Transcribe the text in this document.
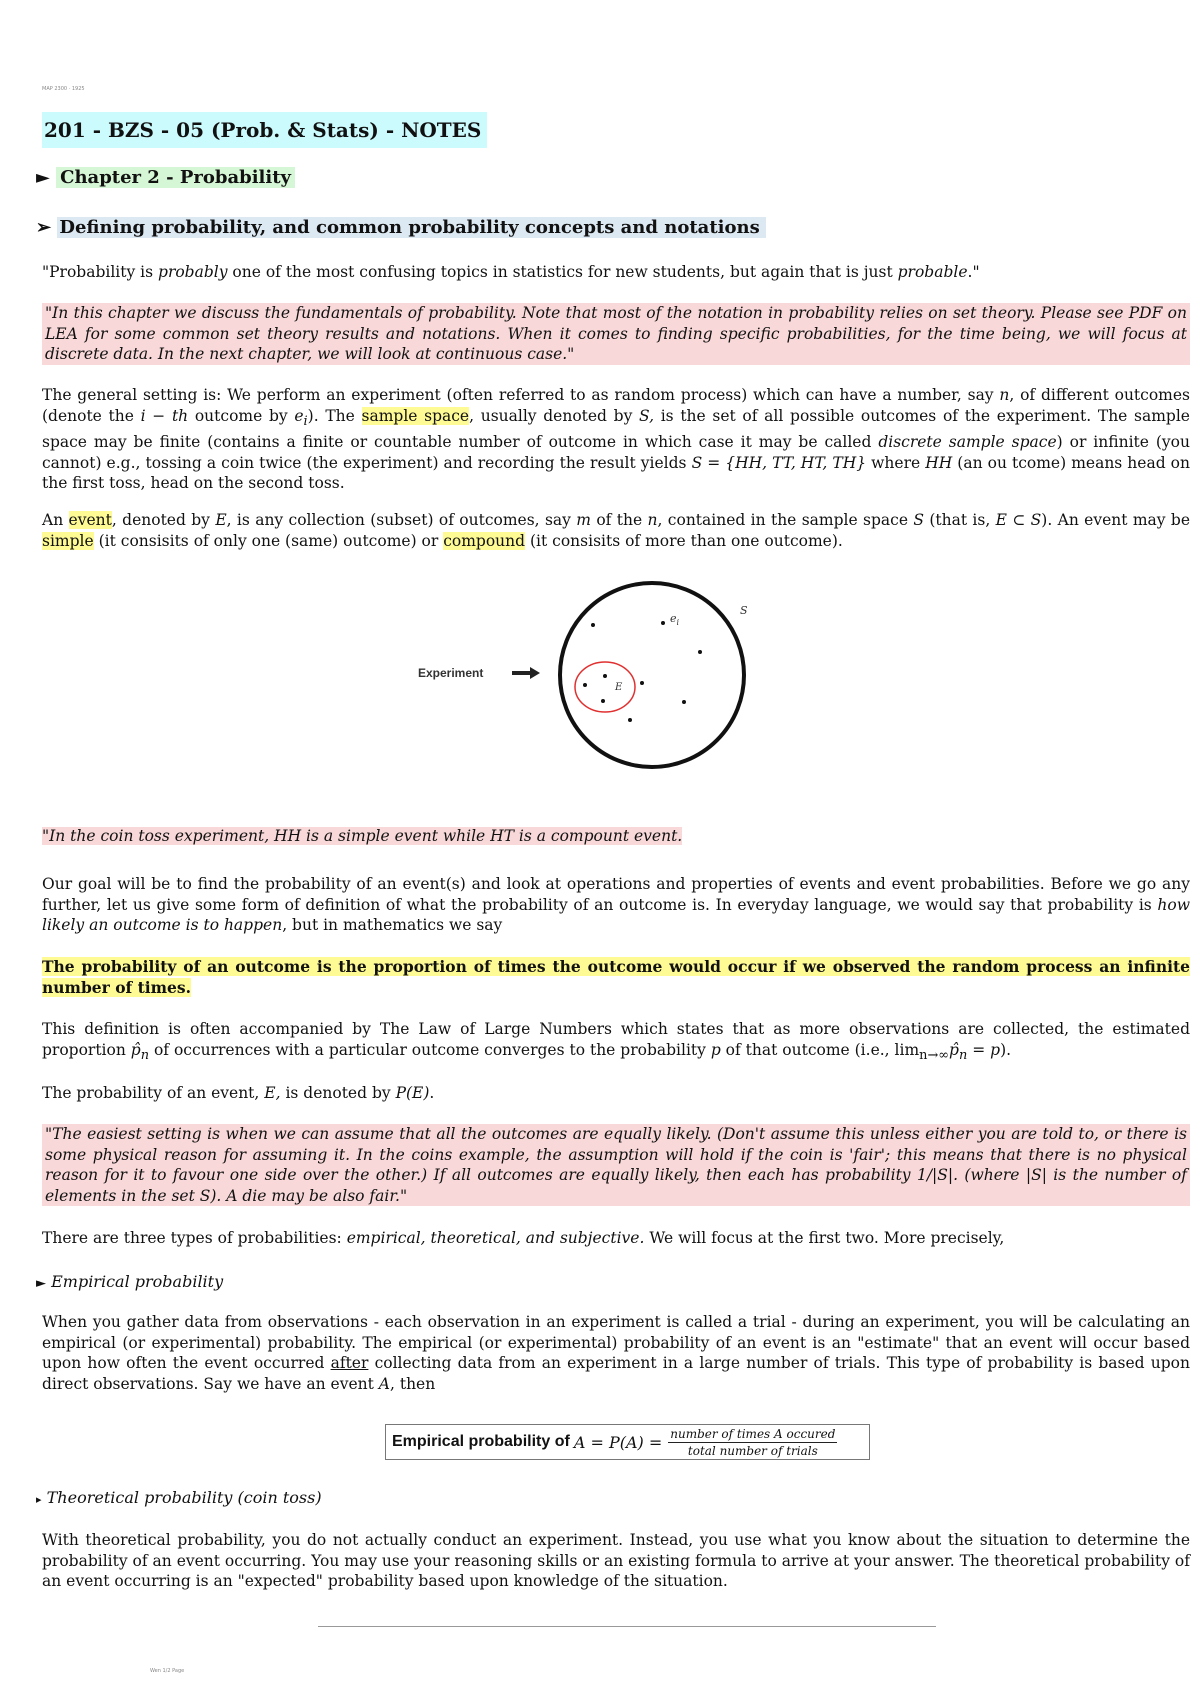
MAP 2300 · 1925
201 - BZS - 05 (Prob. & Stats) - NOTES
► Chapter 2 - Probability
➢ Defining probability, and common probability concepts and notations
"Probability is probably one of the most confusing topics in statistics for new students, but again that is just probable."
"In this chapter we discuss the fundamentals of probability. Note that most of the notation in probability relies on set theory. Please see PDF on LEA for some common set theory results and notations. When it comes to finding specific probabilities, for the time being, we will focus at discrete data. In the next chapter, we will look at continuous case."
The general setting is: We perform an experiment (often referred to as random process) which can have a number, say n, of different outcomes (denote the i − th outcome by $e_i$). The sample space, usually denoted by S, is the set of all possible outcomes of the experiment. The sample space may be finite (contains a finite or countable number of outcome in which case it may be called discrete sample space) or infinite (you cannot) e.g., tossing a coin twice (the experiment) and recording the result yields S = {HH, TT, HT, TH} where HH (an ou tcome) means head on the first toss, head on the second toss.
An event, denoted by E, is any collection (subset) of outcomes, say m of the n, contained in the sample space S (that is, E ⊂ S). An event may be simple (it consisits of only one (same) outcome) or compound (it consisits of more than one outcome).
Experiment
S
E
$e_i$
"In the coin toss experiment, HH is a simple event while HT is a compount event.
Our goal will be to find the probability of an event(s) and look at operations and properties of events and event probabilities. Before we go any further, let us give some form of definition of what the probability of an outcome is. In everyday language, we would say that probability is how likely an outcome is to happen, but in mathematics we say
The probability of an outcome is the proportion of times the outcome would occur if we observed the random process an infinite number of times.
This definition is often accompanied by The Law of Large Numbers which states that as more observations are collected, the estimated proportion $p̂_n$ of occurrences with a particular outcome converges to the probability p of that outcome (i.e., $\lim_{n\to\infty}p̂_n = p$).
The probability of an event, E, is denoted by P(E).
"The easiest setting is when we can assume that all the outcomes are equally likely. (Don't assume this unless either you are told to, or there is some physical reason for assuming it. In the coins example, the assumption will hold if the coin is 'fair'; this means that there is no physical reason for it to favour one side over the other.) If all outcomes are equally likely, then each has probability 1/|S|. (where |S| is the number of elements in the set S). A die may be also fair."
There are three types of probabilities: empirical, theoretical, and subjective. We will focus at the first two. More precisely,
► Empirical probability
When you gather data from observations - each observation in an experiment is called a trial - during an experiment, you will be calculating an empirical (or experimental) probability. The empirical (or experimental) probability of an event is an "estimate" that an event will occur based upon how often the event occurred after collecting data from an experiment in a large number of trials. This type of probability is based upon direct observations. Say we have an event A, then
Empirical probability of $A = P(A) = \frac{\text{number of times A occured}}{\text{total number of trials}}$
▸ Theoretical probability (coin toss)
With theoretical probability, you do not actually conduct an experiment. Instead, you use what you know about the situation to determine the probability of an event occurring. You may use your reasoning skills or an existing formula to arrive at your answer. The theoretical probability of an event occurring is an "expected" probability based upon knowledge of the situation.
Wen 1/2 Page
